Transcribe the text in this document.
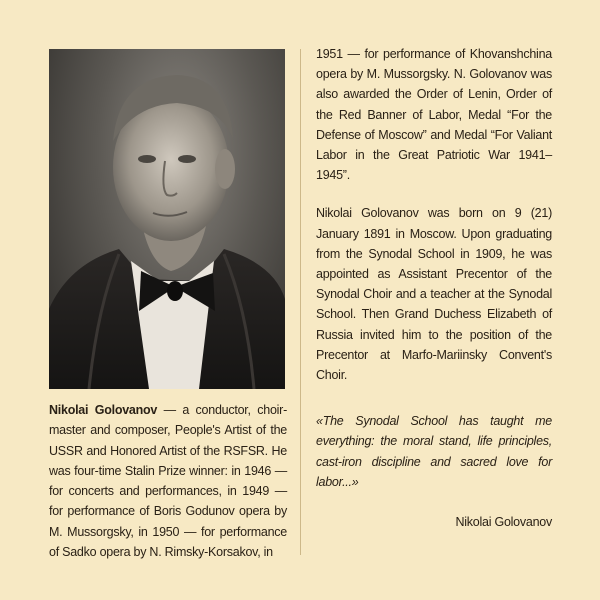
Nikolai Golovanov — a conductor, choir-master and composer, People's Artist of the USSR and Honored Artist of the RSFSR. He was four-time Stalin Prize winner: in 1946 — for concerts and performances, in 1949 — for performance of Boris Godunov opera by M. Mussorgsky, in 1950 — for performance of Sadko opera by N. Rimsky-Korsakov, in

1951 — for performance of Khovanshchina opera by M. Mussorgsky. N. Golovanov was also awarded the Order of Lenin, Order of the Red Banner of Labor, Medal “For the Defense of Moscow” and Medal “For Valiant Labor in the Great Patriotic War 1941–1945”.

Nikolai Golovanov was born on 9 (21) January 1891 in Moscow. Upon graduating from the Synodal School in 1909, he was appointed as Assistant Precentor of the Synodal Choir and a teacher at the Synodal School. Then Grand Duchess Elizabeth of Russia invited him to the position of the Precentor at Marfo-Mariinsky Convent's Choir.

«The Synodal School has taught me everything: the moral stand, life principles, cast-iron discipline and sacred love for labor...»

Nikolai Golovanov
